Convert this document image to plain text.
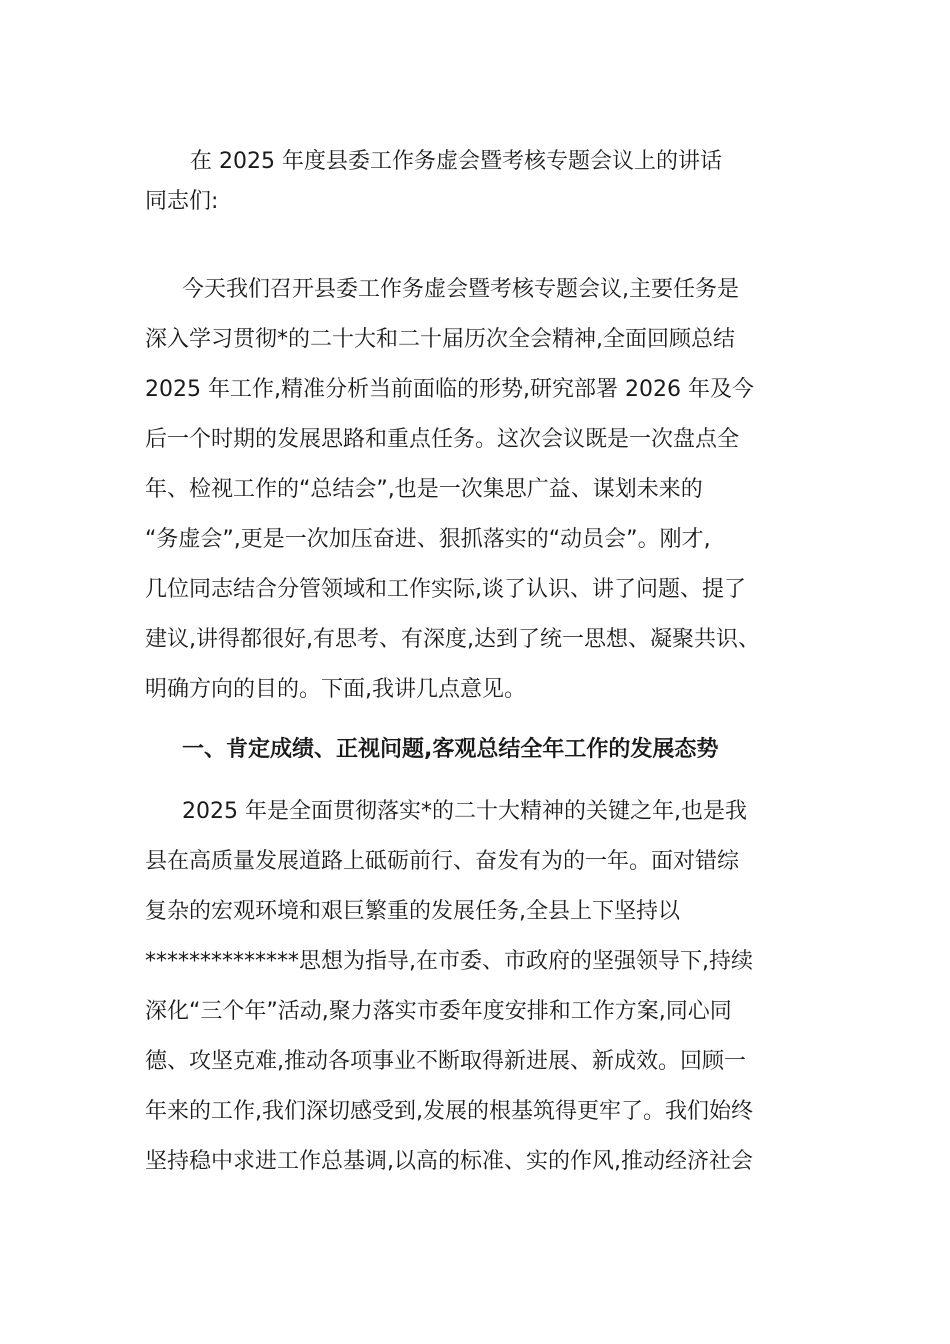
在 2025 年度县委工作务虚会暨考核专题会议上的讲话
同志们:
今天我们召开县委工作务虚会暨考核专题会议,主要任务是
深入学习贯彻*的二十大和二十届历次全会精神,全面回顾总结
2025 年工作,精准分析当前面临的形势,研究部署 2026 年及今
后一个时期的发展思路和重点任务。这次会议既是一次盘点全
年、检视工作的“总结会”,也是一次集思广益、谋划未来的
“务虚会”,更是一次加压奋进、狠抓落实的“动员会”。刚才,
几位同志结合分管领域和工作实际,谈了认识、讲了问题、提了
建议,讲得都很好,有思考、有深度,达到了统一思想、凝聚共识、
明确方向的目的。下面,我讲几点意见。
一、肯定成绩、正视问题,客观总结全年工作的发展态势
2025 年是全面贯彻落实*的二十大精神的关键之年,也是我
县在高质量发展道路上砥砺前行、奋发有为的一年。面对错综
复杂的宏观环境和艰巨繁重的发展任务,全县上下坚持以
**************思想为指导,在市委、市政府的坚强领导下,持续
深化“三个年”活动,聚力落实市委年度安排和工作方案,同心同
德、攻坚克难,推动各项事业不断取得新进展、新成效。回顾一
年来的工作,我们深切感受到,发展的根基筑得更牢了。我们始终
坚持稳中求进工作总基调,以高的标准、实的作风,推动经济社会
